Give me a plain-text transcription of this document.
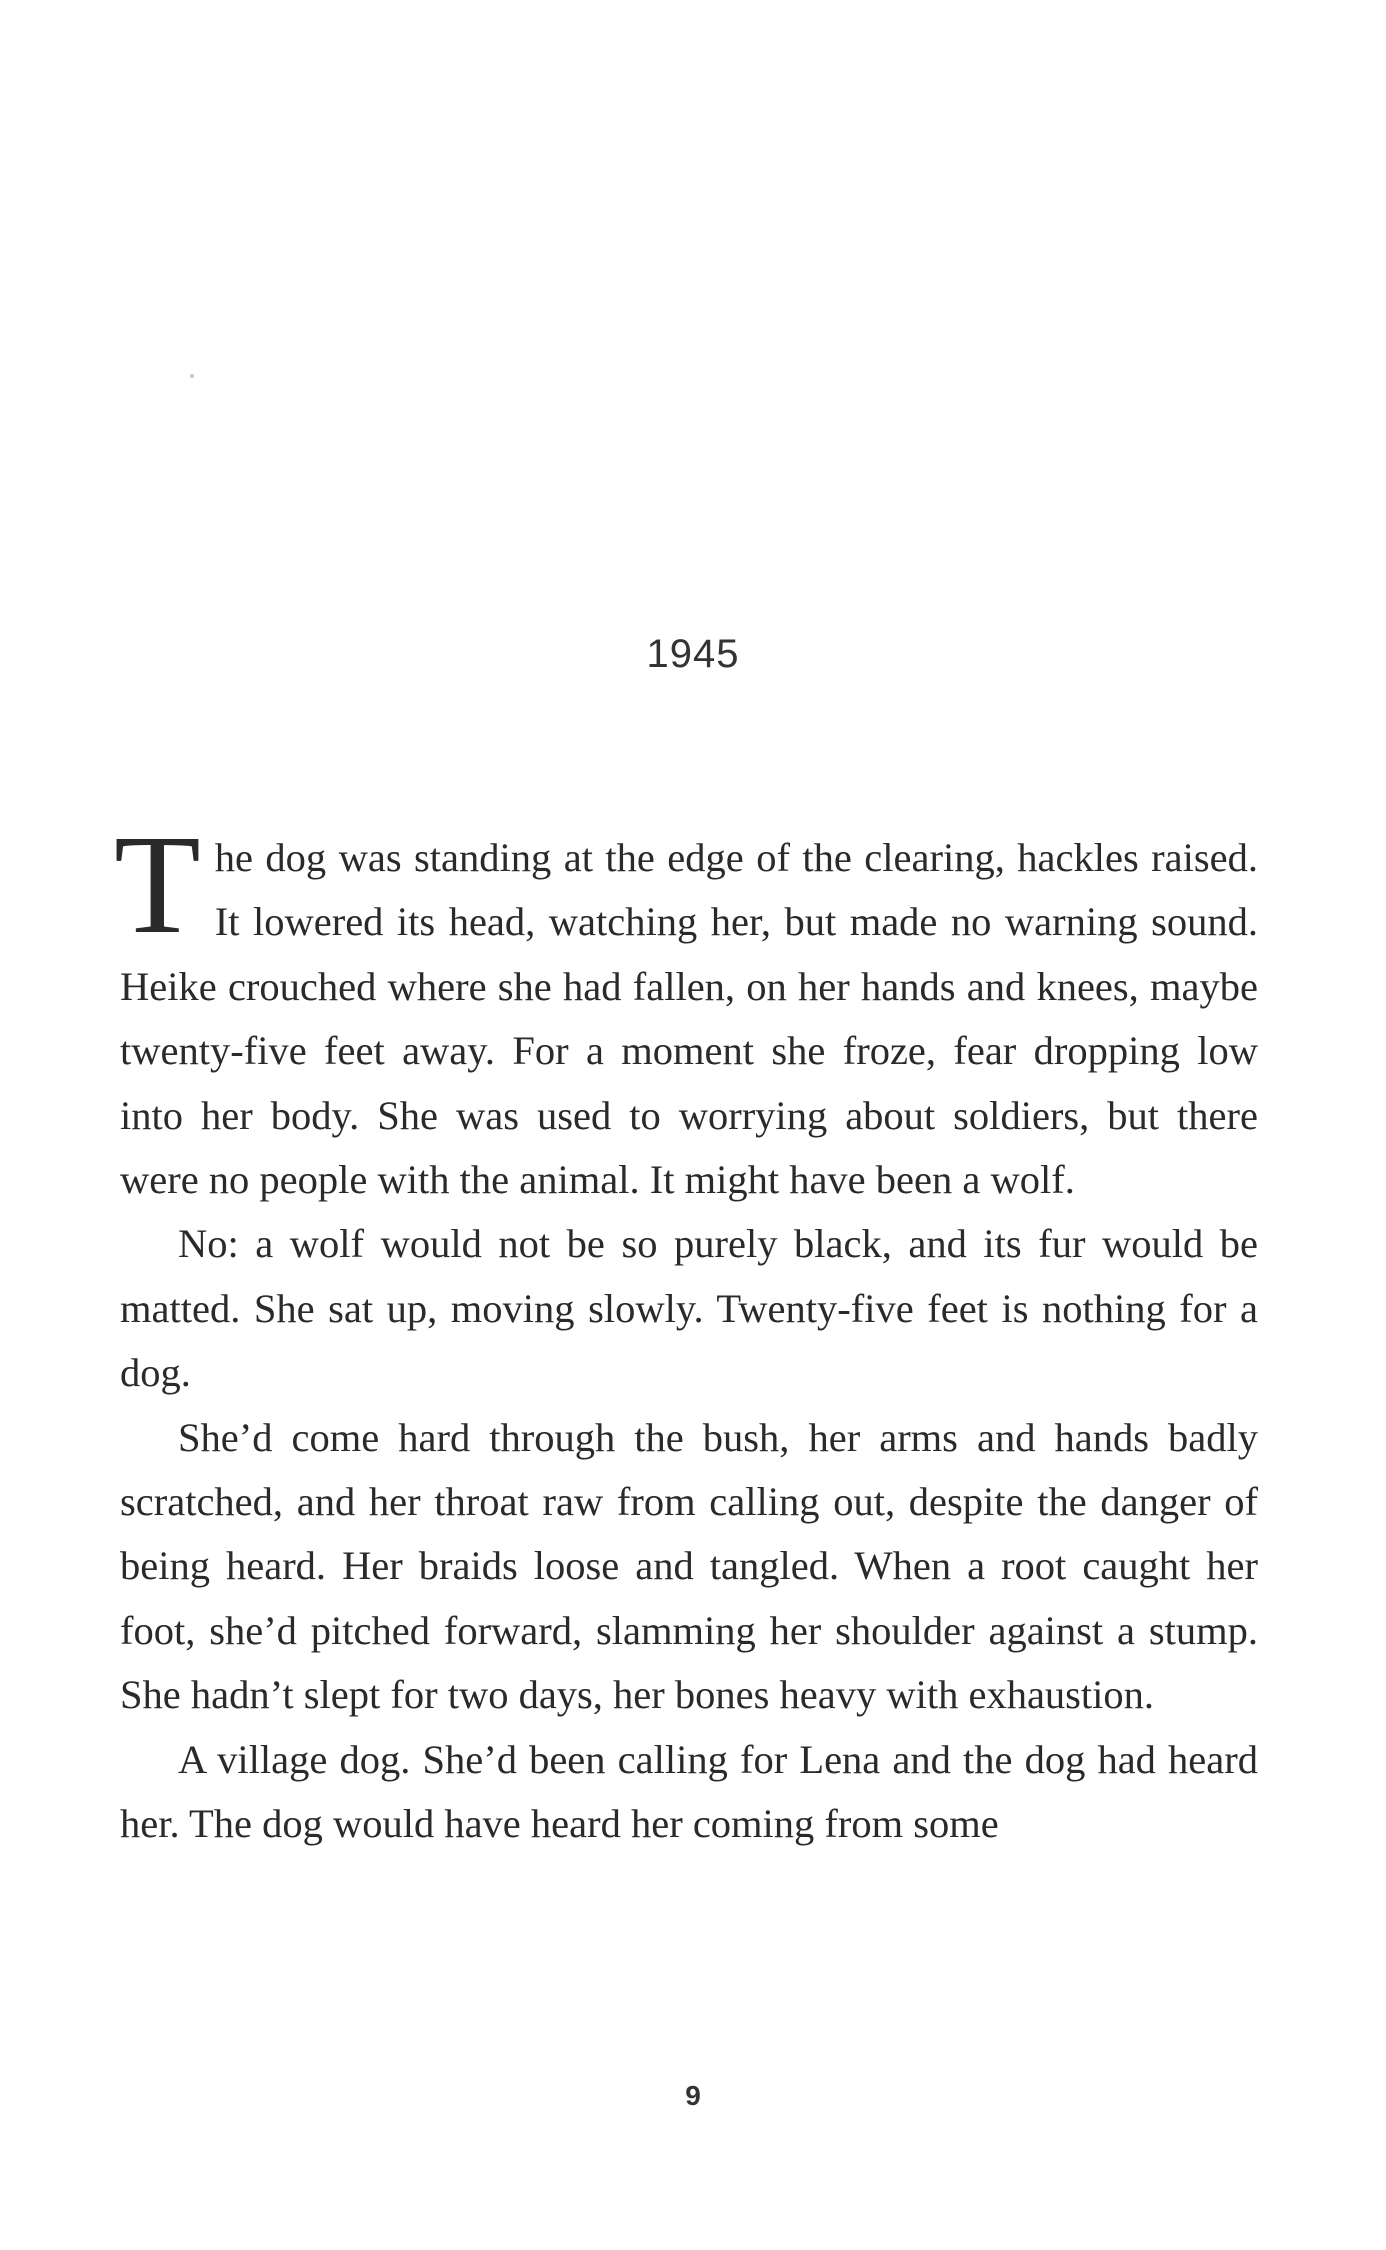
1945

The dog was standing at the edge of the clearing, hackles raised. It lowered its head, watching her, but made no warning sound. Heike crouched where she had fallen, on her hands and knees, maybe twenty-five feet away. For a moment she froze, fear dropping low into her body. She was used to worrying about soldiers, but there were no people with the animal. It might have been a wolf.

No: a wolf would not be so purely black, and its fur would be matted. She sat up, moving slowly. Twenty-five feet is nothing for a dog.

She’d come hard through the bush, her arms and hands badly scratched, and her throat raw from calling out, despite the danger of being heard. Her braids loose and tangled. When a root caught her foot, she’d pitched forward, slamming her shoulder against a stump. She hadn’t slept for two days, her bones heavy with exhaustion.

A village dog. She’d been calling for Lena and the dog had heard her. The dog would have heard her coming from some

9
